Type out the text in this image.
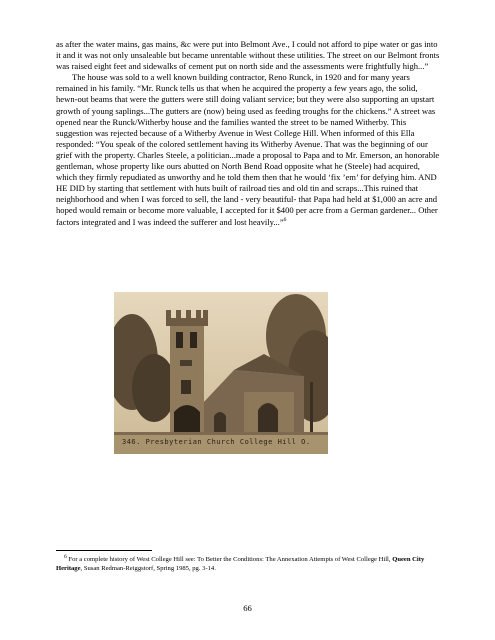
as after the water mains, gas mains, &c were put into Belmont Ave., I could not afford to pipe water or gas into it and it was not only unsaleable but became unrentable without these utilities. The street on our Belmont fronts was raised eight feet and sidewalks of cement put on north side and the assessments were frightfully high...”

The house was sold to a well known building contractor, Reno Runck, in 1920 and for many years remained in his family. “Mr. Runck tells us that when he acquired the property a few years ago, the solid, hewn-out beams that were the gutters were still doing valiant service; but they were also supporting an upstart growth of young saplings...The gutters are (now) being used as feeding troughs for the chickens.” A street was opened near the Runck/Witherby house and the families wanted the street to be named Witherby. This suggestion was rejected because of a Witherby Avenue in West College Hill. When informed of this Ella responded: “You speak of the colored settlement having its Witherby Avenue. That was the beginning of our grief with the property. Charles Steele, a politician...made a proposal to Papa and to Mr. Emerson, an honorable gentleman, whose property like ours abutted on North Bend Road opposite what he (Steele) had acquired, which they firmly repudiated as unworthy and he told them then that he would ‘fix ’em’ for defying him. AND HE DID by starting that settlement with huts built of railroad ties and old tin and scraps...This ruined that neighborhood and when I was forced to sell, the land - very beautiful- that Papa had held at $1,000 an acre and hoped would remain or become more valuable, I accepted for it $400 per acre from a German gardener... Other factors integrated and I was indeed the sufferer and lost heavily...”$^6$

346. Presbyterian Church College Hill O.

$^6$ For a complete history of West College Hill see: To Better the Conditions: The Annexation Attempts of West College Hill, Queen City Heritage, Susan Redman-Reiggstorf, Spring 1985, pg. 3-14.

66
